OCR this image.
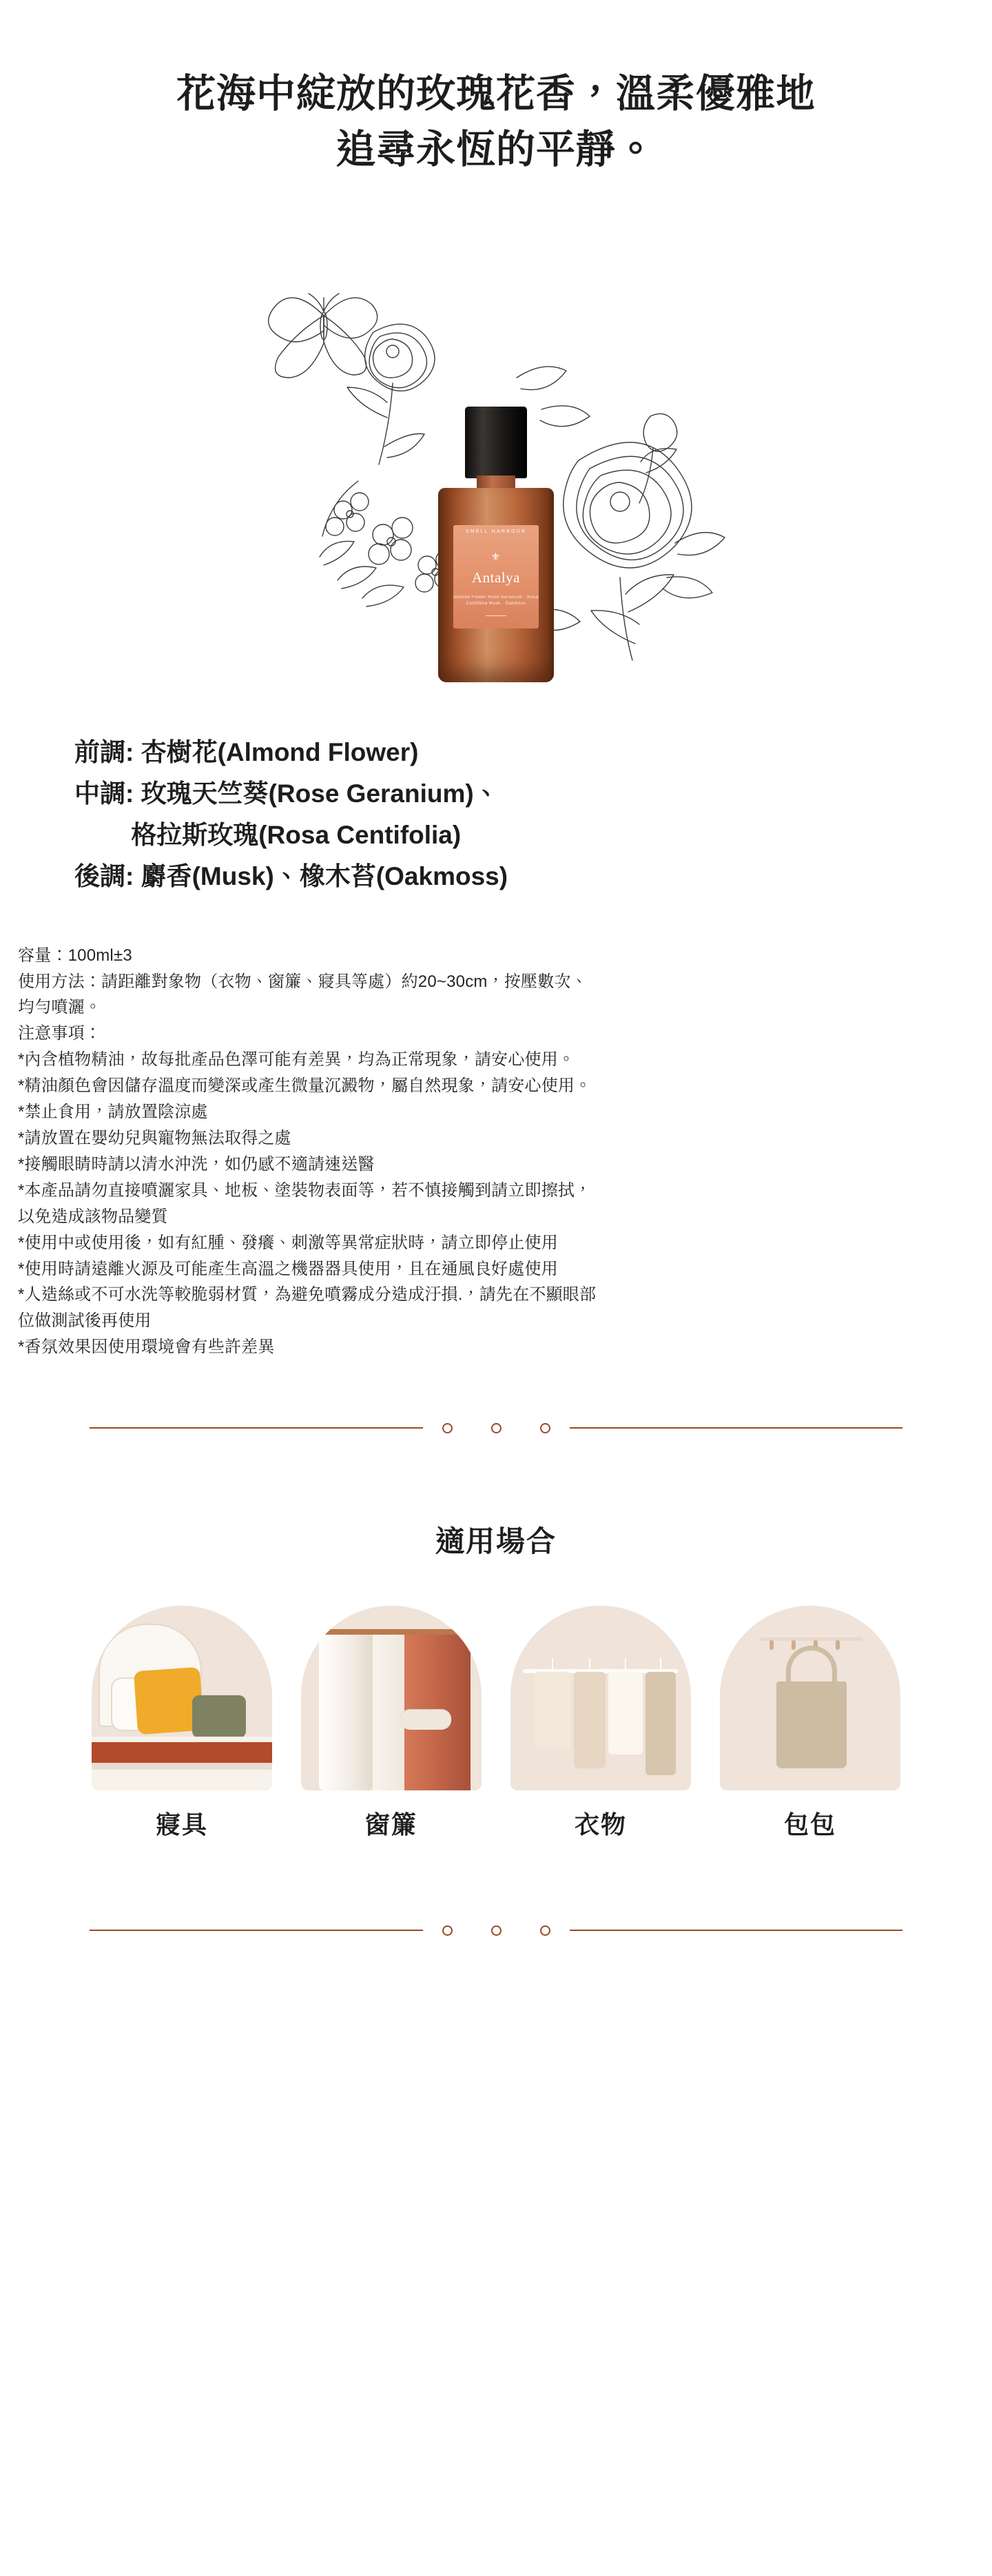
花海中綻放的玫瑰花香，溫柔優雅地

追尋永恆的平靜。

SMELL HARBOUR
⚜
Antalya
Almond Flower Rose Geranium · Rosa Centifolia Musk · Oakmoss
前調: 杏樹花(Almond Flower)
中調: 玫瑰天竺葵(Rose Geranium)、
格拉斯玫瑰(Rosa Centifolia)
後調: 麝香(Musk)、橡木苔(Oakmoss)
容量：100ml±3
使用方法：請距離對象物（衣物、窗簾、寢具等處）約20~30cm，按壓數次、
均勻噴灑。
注意事項：
*內含植物精油，故每批產品色澤可能有差異，均為正常現象，請安心使用。
*精油顏色會因儲存溫度而變深或產生微量沉澱物，屬自然現象，請安心使用。
*禁止食用，請放置陰涼處
*請放置在嬰幼兒與寵物無法取得之處
*接觸眼睛時請以清水沖洗，如仍感不適請速送醫
*本產品請勿直接噴灑家具、地板、塗裝物表面等，若不慎接觸到請立即擦拭，
以免造成該物品變質
*使用中或使用後，如有紅腫、發癢、刺激等異常症狀時，請立即停止使用
*使用時請遠離火源及可能產生高溫之機器器具使用，且在通風良好處使用
*人造絲或不可水洗等較脆弱材質，為避免噴霧成分造成汙損.，請先在不顯眼部
位做測試後再使用
*香氛效果因使用環境會有些許差異
適用場合
寢具	窗簾	衣物	包包
